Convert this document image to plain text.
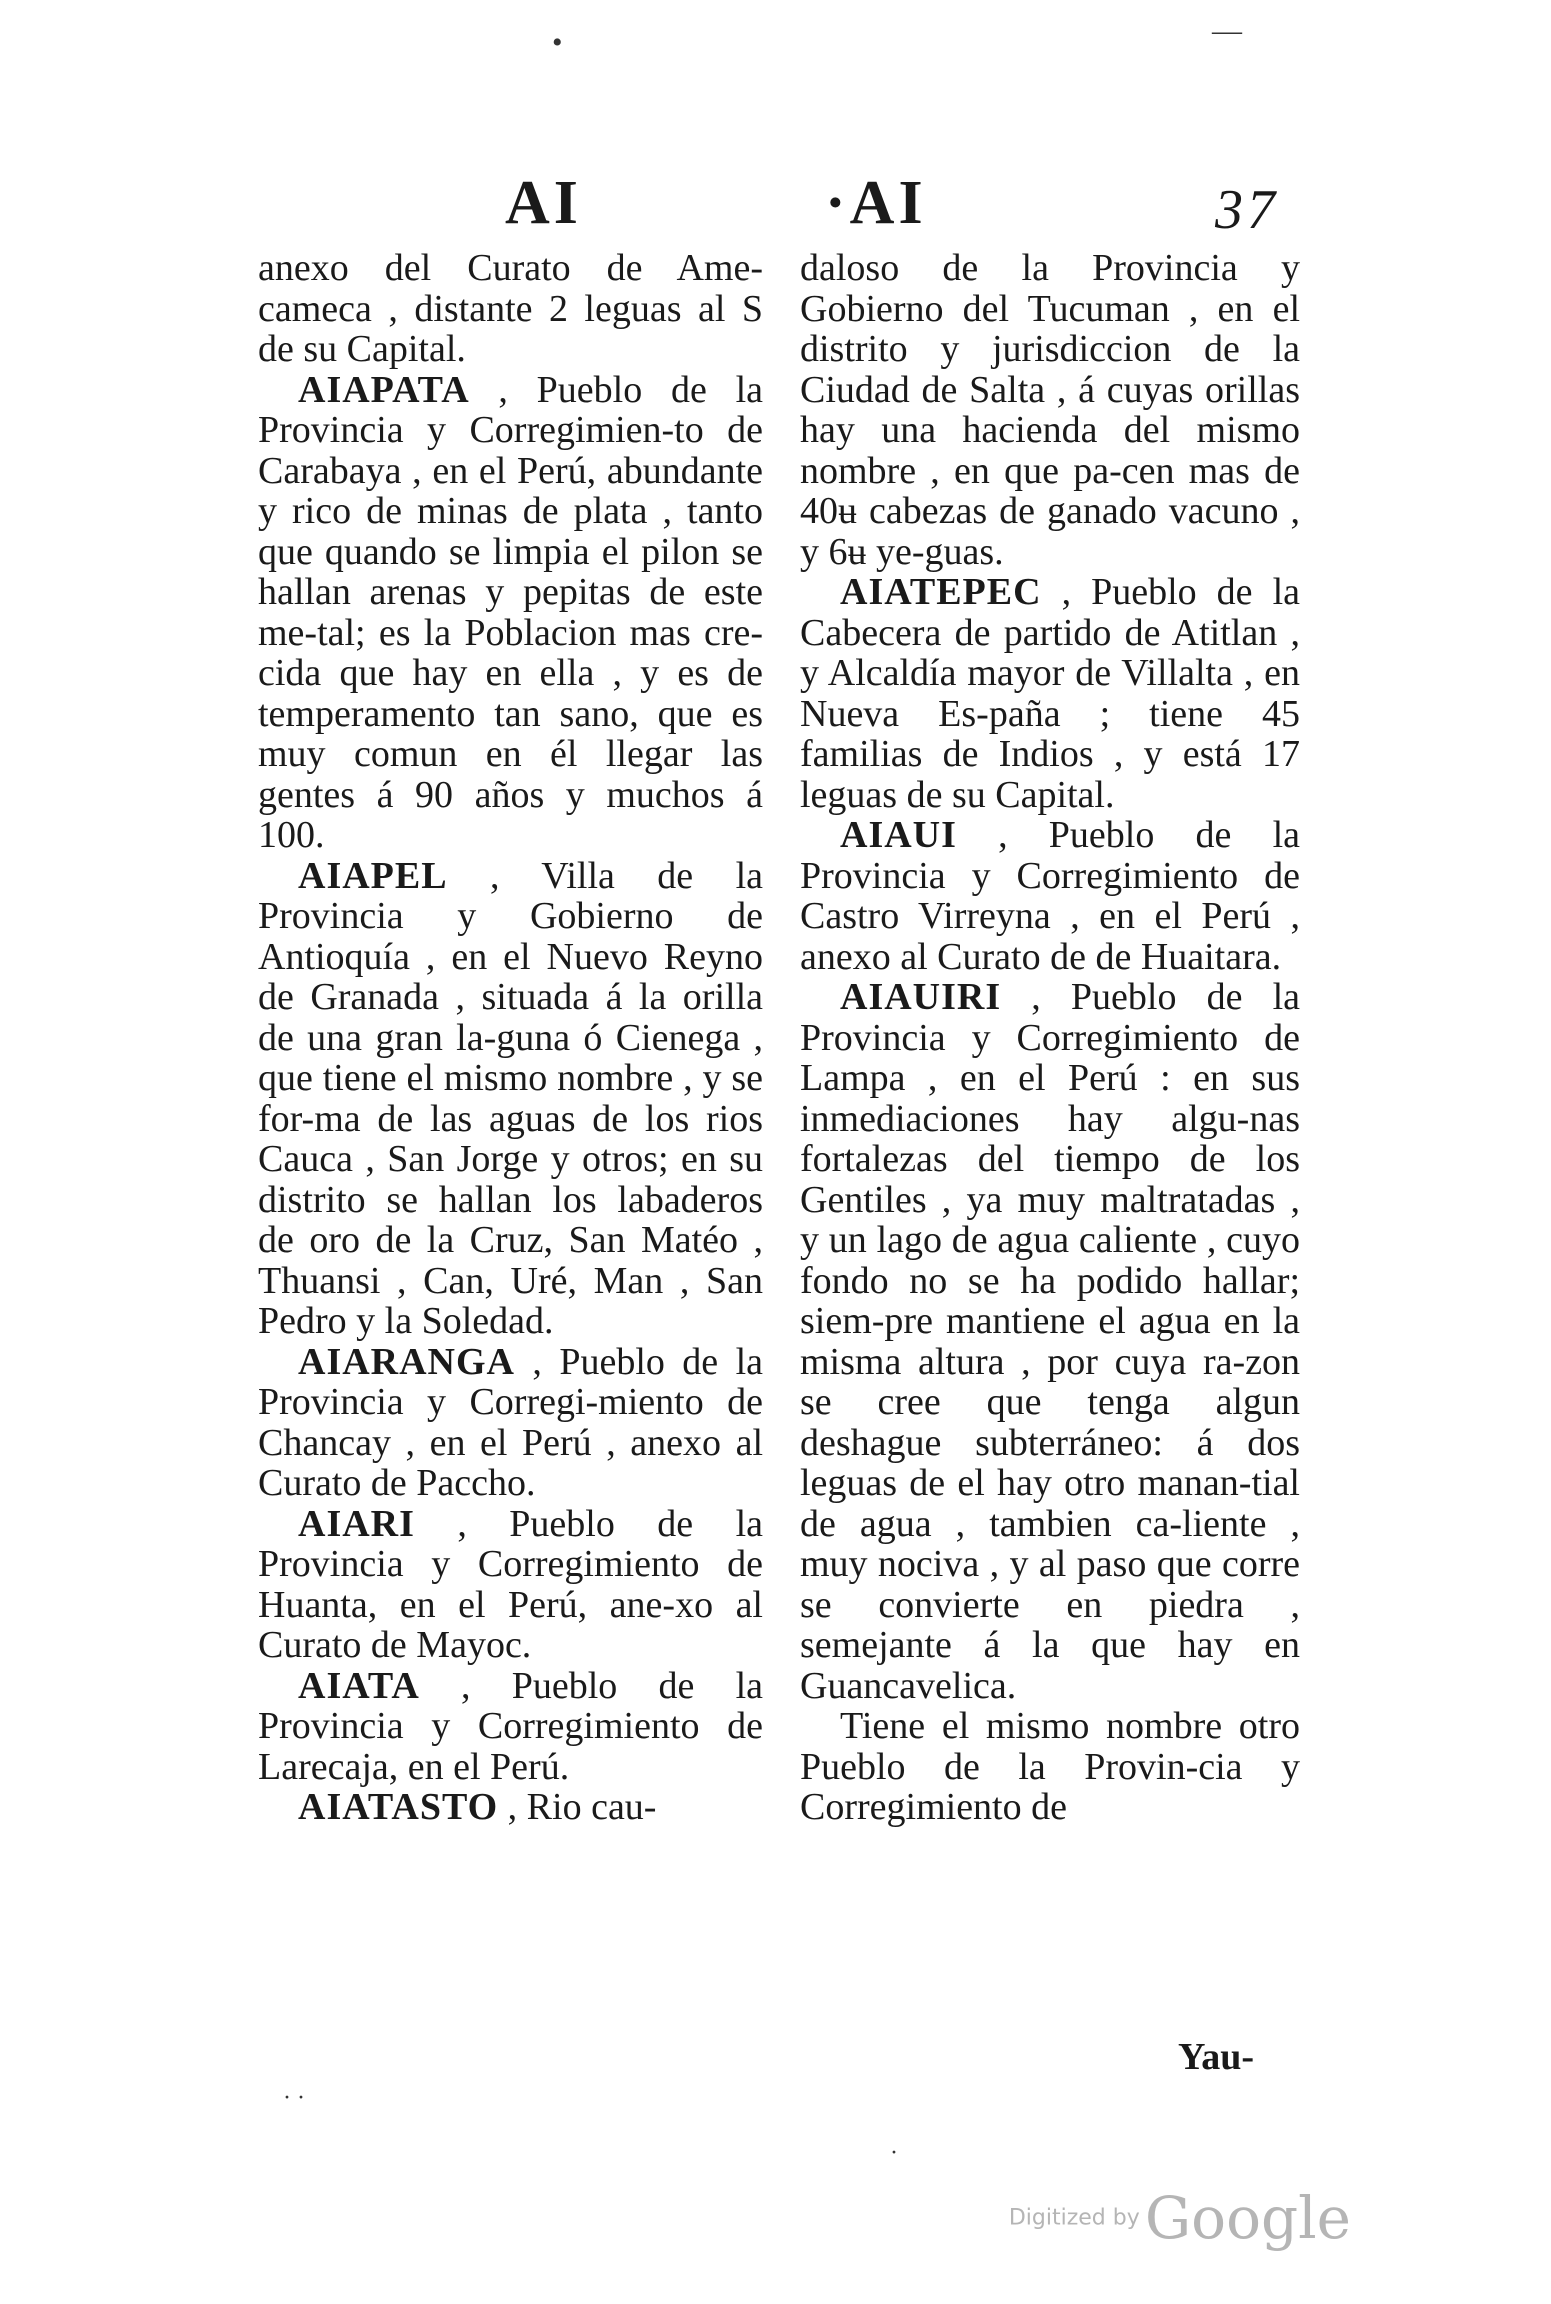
•	—
AI	·AI	37

anexo del Curato de Ame-cameca , distante 2 leguas al S de su Capital.

AIAPATA , Pueblo de la Provincia y Corregimien-to de Carabaya , en el Perú, abundante y rico de minas de plata , tanto que quando se limpia el pilon se hallan arenas y pepitas de este me-tal; es la Poblacion mas cre-cida que hay en ella , y es de temperamento tan sano, que es muy comun en él llegar las gentes á 90 años y muchos á 100.

AIAPEL , Villa de la Provincia y Gobierno de Antioquía , en el Nuevo Reyno de Granada , situada á la orilla de una gran la-guna ó Cienega , que tiene el mismo nombre , y se for-ma de las aguas de los rios Cauca , San Jorge y otros; en su distrito se hallan los labaderos de oro de la Cruz, San Matéo , Thuansi , Can, Uré, Man , San Pedro y la Soledad.

AIARANGA , Pueblo de la Provincia y Corregi-miento de Chancay , en el Perú , anexo al Curato de Paccho.

AIARI , Pueblo de la Provincia y Corregimiento de Huanta, en el Perú, ane-xo al Curato de Mayoc.

AIATA , Pueblo de la Provincia y Corregimiento de Larecaja, en el Perú.

AIATASTO , Rio cau-

daloso de la Provincia y Gobierno del Tucuman , en el distrito y jurisdiccion de la Ciudad de Salta , á cuyas orillas hay una hacienda del mismo nombre , en que pa-cen mas de 40ʉ cabezas de ganado vacuno , y 6ʉ ye-guas.

AIATEPEC , Pueblo de la Cabecera de partido de Atitlan , y Alcaldía mayor de Villalta , en Nueva Es-paña ; tiene 45 familias de Indios , y está 17 leguas de su Capital.

AIAUI , Pueblo de la Provincia y Corregimiento de Castro Virreyna , en el Perú , anexo al Curato de de Huaitara.

AIAUIRI , Pueblo de la Provincia y Corregimiento de Lampa , en el Perú : en sus inmediaciones hay algu-nas fortalezas del tiempo de los Gentiles , ya muy maltratadas , y un lago de agua caliente , cuyo fondo no se ha podido hallar; siem-pre mantiene el agua en la misma altura , por cuya ra-zon se cree que tenga algun deshague subterráneo: á dos leguas de el hay otro manan-tial de agua , tambien ca-liente , muy nociva , y al paso que corre se convierte en piedra , semejante á la que hay en Guancavelica.

Tiene el mismo nombre otro Pueblo de la Provin-cia y Corregimiento de

Yau-
· ·
·
Digitized by Google
